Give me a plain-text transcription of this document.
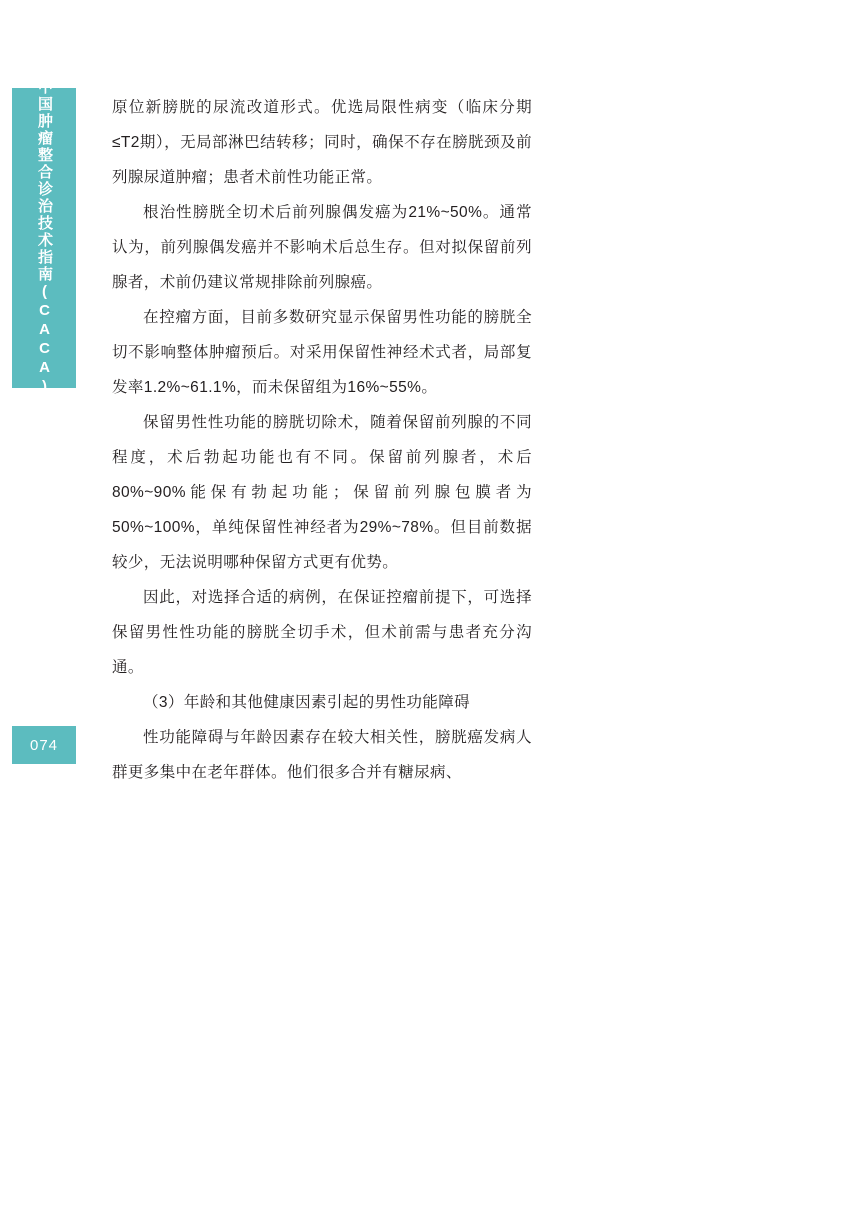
中国肿瘤整合诊治技术指南(CACA)
074

原位新膀胱的尿流改道形式。优选局限性病变（临床分期≤T2期），无局部淋巴结转移；同时，确保不存在膀胱颈及前列腺尿道肿瘤；患者术前性功能正常。

根治性膀胱全切术后前列腺偶发癌为21%~50%。通常认为，前列腺偶发癌并不影响术后总生存。但对拟保留前列腺者，术前仍建议常规排除前列腺癌。

在控瘤方面，目前多数研究显示保留男性功能的膀胱全切不影响整体肿瘤预后。对采用保留性神经术式者，局部复发率1.2%~61.1%，而未保留组为16%~55%。

保留男性性功能的膀胱切除术，随着保留前列腺的不同程度，术后勃起功能也有不同。保留前列腺者，术后80%~90%能保有勃起功能；保留前列腺包膜者为50%~100%，单纯保留性神经者为29%~78%。但目前数据较少，无法说明哪种保留方式更有优势。

因此，对选择合适的病例，在保证控瘤前提下，可选择保留男性性功能的膀胱全切手术，但术前需与患者充分沟通。

（3）年龄和其他健康因素引起的男性功能障碍

性功能障碍与年龄因素存在较大相关性，膀胱癌发病人群更多集中在老年群体。他们很多合并有糖尿病、
